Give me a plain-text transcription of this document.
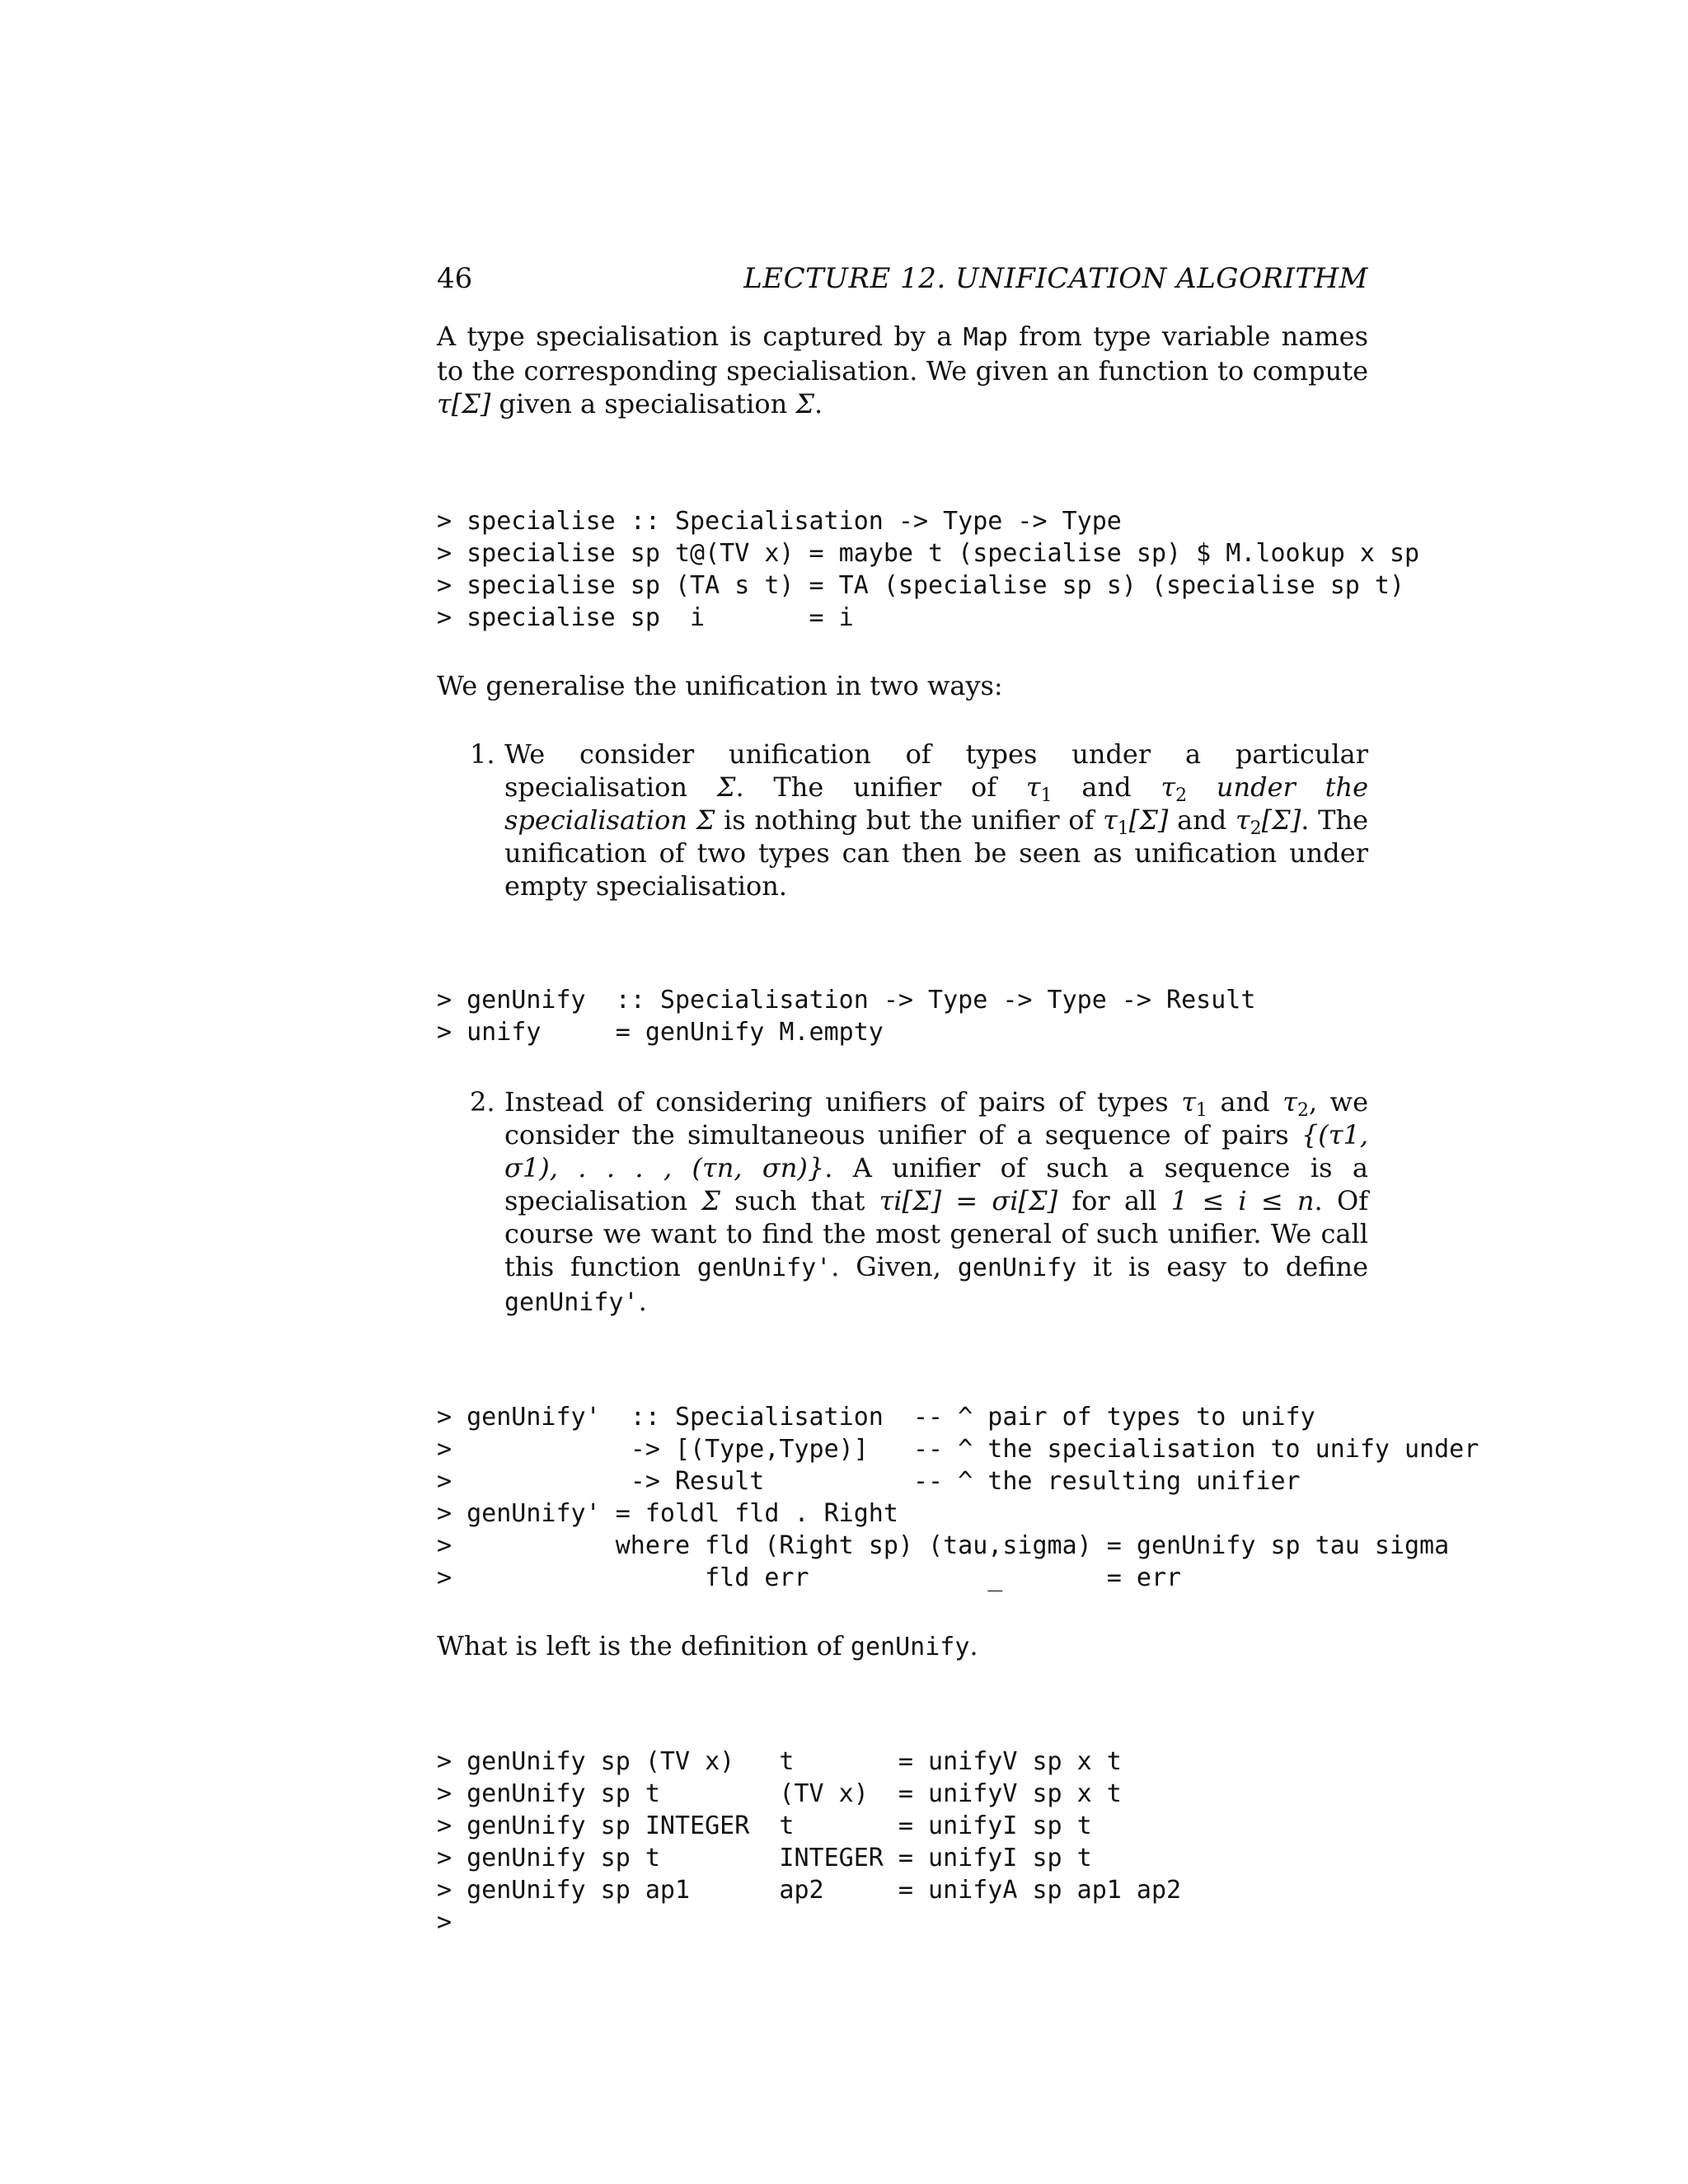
46	LECTURE 12. UNIFICATION ALGORITHM

A type specialisation is captured by a Map from type variable names to the corresponding specialisation. We given an function to compute τ[Σ] given a specialisation Σ.

> specialise :: Specialisation -> Type -> Type
> specialise sp t@(TV x) = maybe t (specialise sp) $ M.lookup x sp
> specialise sp (TA s t) = TA (specialise sp s) (specialise sp t)
> specialise sp  i       = i

We generalise the unification in two ways:

1. We consider unification of types under a particular specialisation Σ. The unifier of $\tau_1$ and $\tau_2$ under the specialisation Σ is nothing but the unifier of $\tau_1[\Sigma]$ and $\tau_2[\Sigma]$. The unification of two types can then be seen as unification under empty specialisation.
> genUnify  :: Specialisation -> Type -> Type -> Result
> unify     = genUnify M.empty

2. Instead of considering unifiers of pairs of types $\tau_1$ and $\tau_2$, we consider the simultaneous unifier of a sequence of pairs {(τ1, σ1), . . . , (τn, σn)}. A unifier of such a sequence is a specialisation Σ such that τi[Σ] = σi[Σ] for all 1 ≤ i ≤ n. Of course we want to find the most general of such unifier. We call this function genUnify'. Given, genUnify it is easy to define genUnify'.
> genUnify'  :: Specialisation  -- ^ pair of types to unify
>            -> [(Type,Type)]   -- ^ the specialisation to unify under
>            -> Result          -- ^ the resulting unifier
> genUnify' = foldl fld . Right
>           where fld (Right sp) (tau,sigma) = genUnify sp tau sigma
>                 fld err            _       = err

What is left is the definition of genUnify.

> genUnify sp (TV x)   t       = unifyV sp x t
> genUnify sp t        (TV x)  = unifyV sp x t
> genUnify sp INTEGER  t       = unifyI sp t
> genUnify sp t        INTEGER = unifyI sp t
> genUnify sp ap1      ap2     = unifyA sp ap1 ap2
>
